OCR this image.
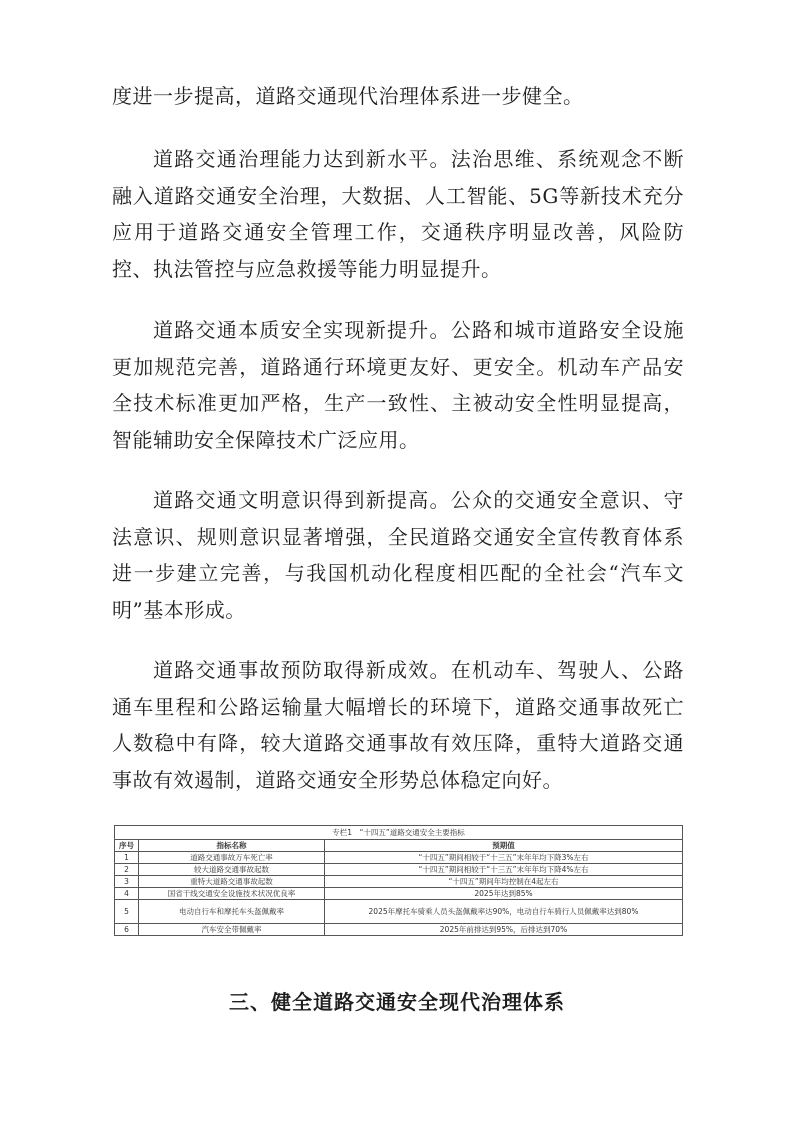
度进一步提高，道路交通现代治理体系进一步健全。

道路交通治理能力达到新水平。法治思维、系统观念不断融入道路交通安全治理，大数据、人工智能、5G等新技术充分应用于道路交通安全管理工作，交通秩序明显改善，风险防控、执法管控与应急救援等能力明显提升。

道路交通本质安全实现新提升。公路和城市道路安全设施更加规范完善，道路通行环境更友好、更安全。机动车产品安全技术标准更加严格，生产一致性、主被动安全性明显提高，智能辅助安全保障技术广泛应用。

道路交通文明意识得到新提高。公众的交通安全意识、守法意识、规则意识显著增强，全民道路交通安全宣传教育体系进一步建立完善，与我国机动化程度相匹配的全社会“汽车文明”基本形成。

道路交通事故预防取得新成效。在机动车、驾驶人、公路通车里程和公路运输量大幅增长的环境下，道路交通事故死亡人数稳中有降，较大道路交通事故有效压降，重特大道路交通事故有效遏制，道路交通安全形势总体稳定向好。

专栏1　“十四五”道路交通安全主要指标		
序号	指标名称	预期值
1	道路交通事故万车死亡率	“十四五”期间相较于“十三五”末年年均下降3%左右
2	较大道路交通事故起数	“十四五”期间相较于“十三五”末年年均下降4%左右
3	重特大道路交通事故起数	“十四五”期间年均控制在4起左右
4	国省干线交通安全设施技术状况优良率	2025年达到85%
5	电动自行车和摩托车头盔佩戴率	2025年摩托车骑乘人员头盔佩戴率达90%，电动自行车骑行人员佩戴率达到80%
6	汽车安全带佩戴率	2025年前排达到95%，后排达到70%
三、健全道路交通安全现代治理体系
